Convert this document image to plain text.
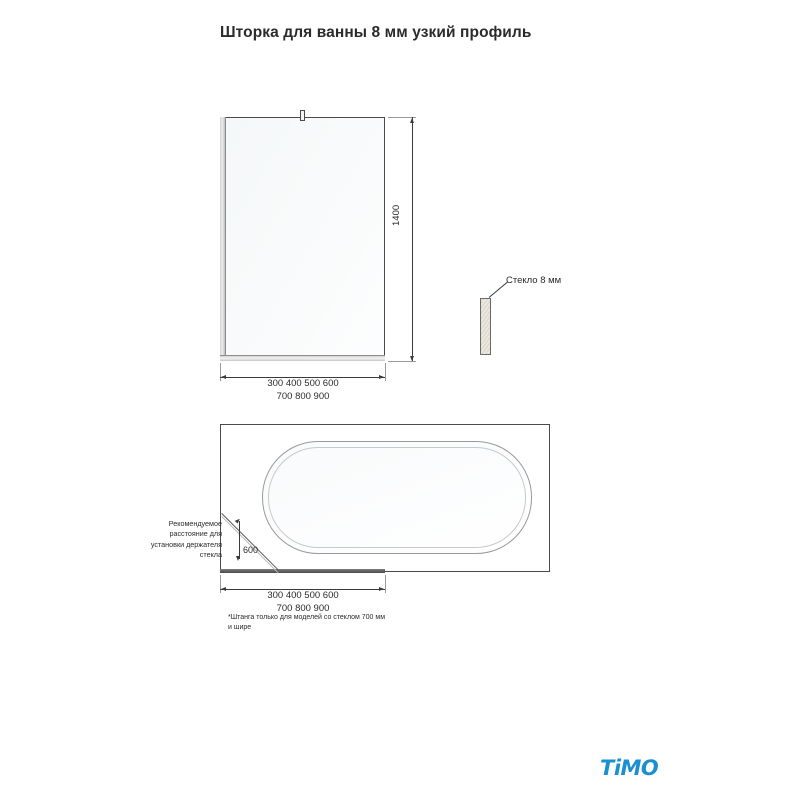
Шторка для ванны 8 мм узкий профиль
1400
300 400 500 600
700 800 900
Стекло 8 мм
Рекомендуемое расстояние для установки держателя стекла 600
300 400 500 600
700 800 900
*Штанга только для моделей со стеклом 700 мм и шире
TiMO
